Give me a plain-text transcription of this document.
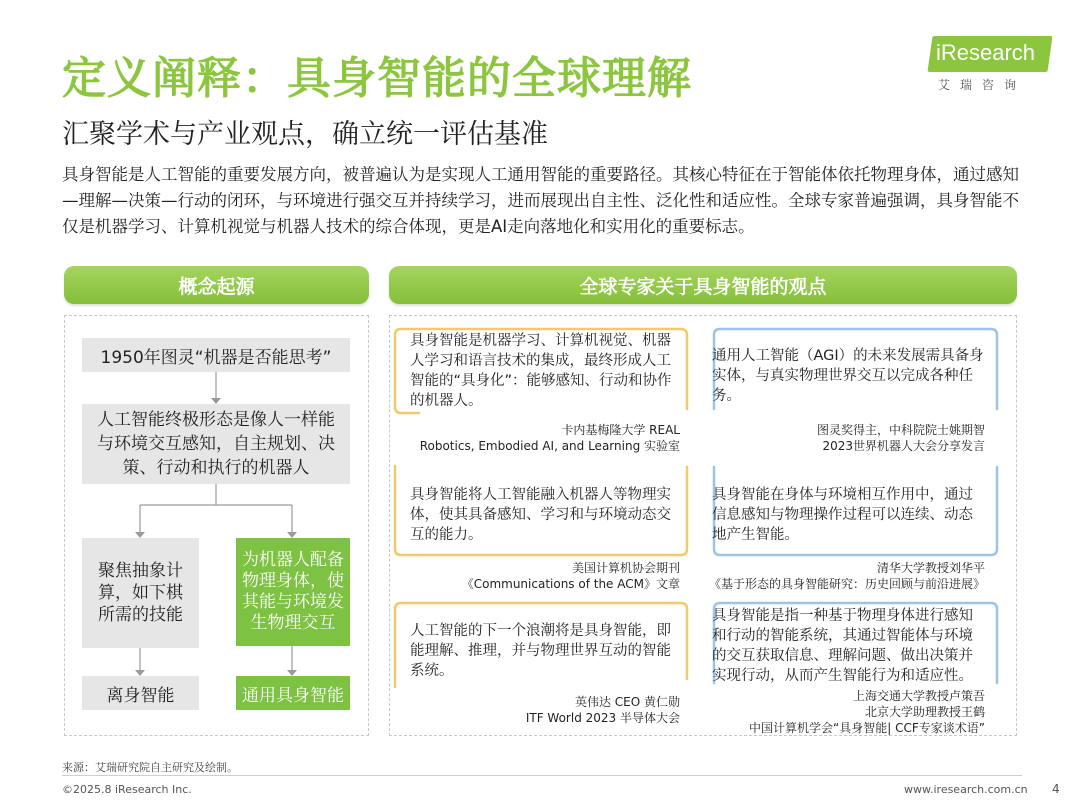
定义阐释：具身智能的全球理解
汇聚学术与产业观点，确立统一评估基准
iResearch
艾瑞咨询
具身智能是人工智能的重要发展方向，被普遍认为是实现人工通用智能的重要路径。其核心特征在于智能体依托物理身体，通过感知—理解—决策—行动的闭环，与环境进行强交互并持续学习，进而展现出自主性、泛化性和适应性。全球专家普遍强调，具身智能不仅是机器学习、计算机视觉与机器人技术的综合体现，更是AI走向落地化和实用化的重要标志。
概念起源	全球专家关于具身智能的观点
1950年图灵“机器是否能思考”
人工智能终极形态是像人一样能与环境交互感知，自主规划、决策、行动和执行的机器人
聚焦抽象计算，如下棋所需的技能
为机器人配备物理身体，使其能与环境发生物理交互
离身智能	通用具身智能
具身智能是机器学习、计算机视觉、机器人学习和语言技术的集成，最终形成人工智能的“具身化”：能够感知、行动和协作的机器人。
卡内基梅隆大学 REAL
Robotics, Embodied AI, and Learning 实验室
通用人工智能（AGI）的未来发展需具备身实体，与真实物理世界交互以完成各种任务。
图灵奖得主，中科院院士姚期智
2023世界机器人大会分享发言
具身智能将人工智能融入机器人等物理实体，使其具备感知、学习和与环境动态交互的能力。
美国计算机协会期刊
《Communications of the ACM》文章
具身智能在身体与环境相互作用中，通过信息感知与物理操作过程可以连续、动态地产生智能。
清华大学教授刘华平
《基于形态的具身智能研究：历史回顾与前沿进展》
人工智能的下一个浪潮将是具身智能，即能理解、推理，并与物理世界互动的智能系统。
英伟达 CEO 黄仁勋
ITF World 2023 半导体大会
具身智能是指一种基于物理身体进行感知和行动的智能系统，其通过智能体与环境的交互获取信息、理解问题、做出决策并实现行动，从而产生智能行为和适应性。
上海交通大学教授卢策吾
北京大学助理教授王鹤
中国计算机学会“具身智能| CCF专家谈术语”
来源：艾瑞研究院自主研究及绘制。
©2025.8 iResearch Inc.	www.iresearch.com.cn 4
